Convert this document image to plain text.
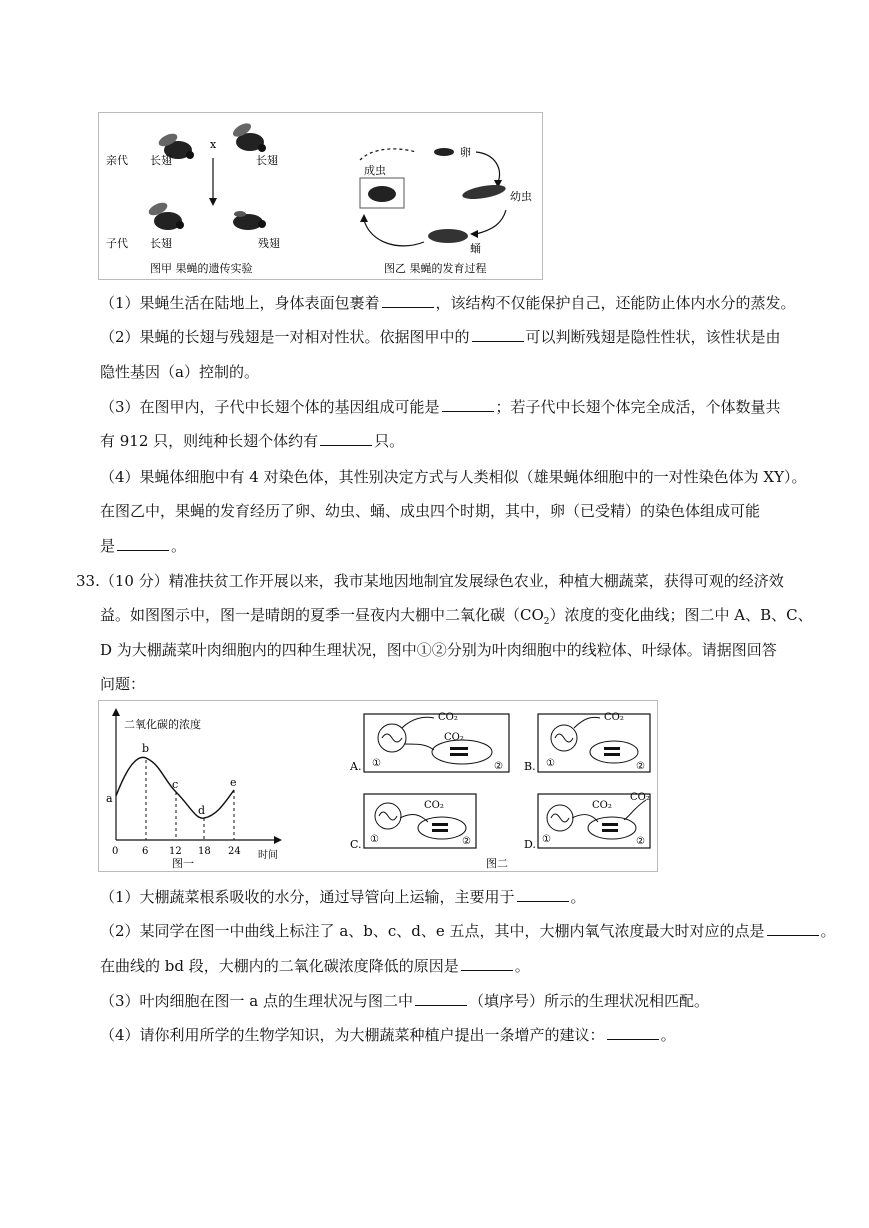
亲代
子代
x
长翅	长翅
长翅	残翅
图甲 果蝇的遗传实验
卵
幼虫
蛹
成虫
图乙 果蝇的发育过程
（1）果蝇生活在陆地上，身体表面包裹着	，该结构不仅能保护自己，还能防止体内水分的蒸发。
（2）果蝇的长翅与残翅是一对相对性状。依据图甲中的	可以判断残翅是隐性性状，该性状是由
隐性基因（a）控制的。
（3）在图甲内，子代中长翅个体的基因组成可能是	；若子代中长翅个体完全成活，个体数量共
有 912 只，则纯种长翅个体约有	只。
（4）果蝇体细胞中有 4 对染色体，其性别决定方式与人类相似（雄果蝇体细胞中的一对性染色体为 XY）。
在图乙中，果蝇的发育经历了卵、幼虫、蛹、成虫四个时期，其中，卵（已受精）的染色体组成可能
是	。
33.（10 分）精准扶贫工作开展以来，我市某地因地制宜发展绿色农业，种植大棚蔬菜，获得可观的经济效
益。如图图示中，图一是晴朗的夏季一昼夜内大棚中二氧化碳$(CO_2)$浓度的变化曲线；图二中 A、B、C、
D 为大棚蔬菜叶肉细胞内的四种生理状况，图中①②分别为叶肉细胞中的线粒体、叶绿体。请据图回答
问题：
二氧化碳的浓度
时间
a
b
c
d
e
0 6 12 18 24
图一
CO₂
CO₂
①	②
A.
CO₂
①	②
B.
CO₂
①	②
C.
CO₂
CO₂
①	②
D.
图二
（1）大棚蔬菜根系吸收的水分，通过导管向上运输，主要用于	。
（2）某同学在图一中曲线上标注了 a、b、c、d、e 五点，其中，大棚内氧气浓度最大时对应的点是	。
在曲线的 bd 段，大棚内的二氧化碳浓度降低的原因是	。
（3）叶肉细胞在图一 a 点的生理状况与图二中	（填序号）所示的生理状况相匹配。
（4）请你利用所学的生物学知识，为大棚蔬菜种植户提出一条增产的建议：	。
